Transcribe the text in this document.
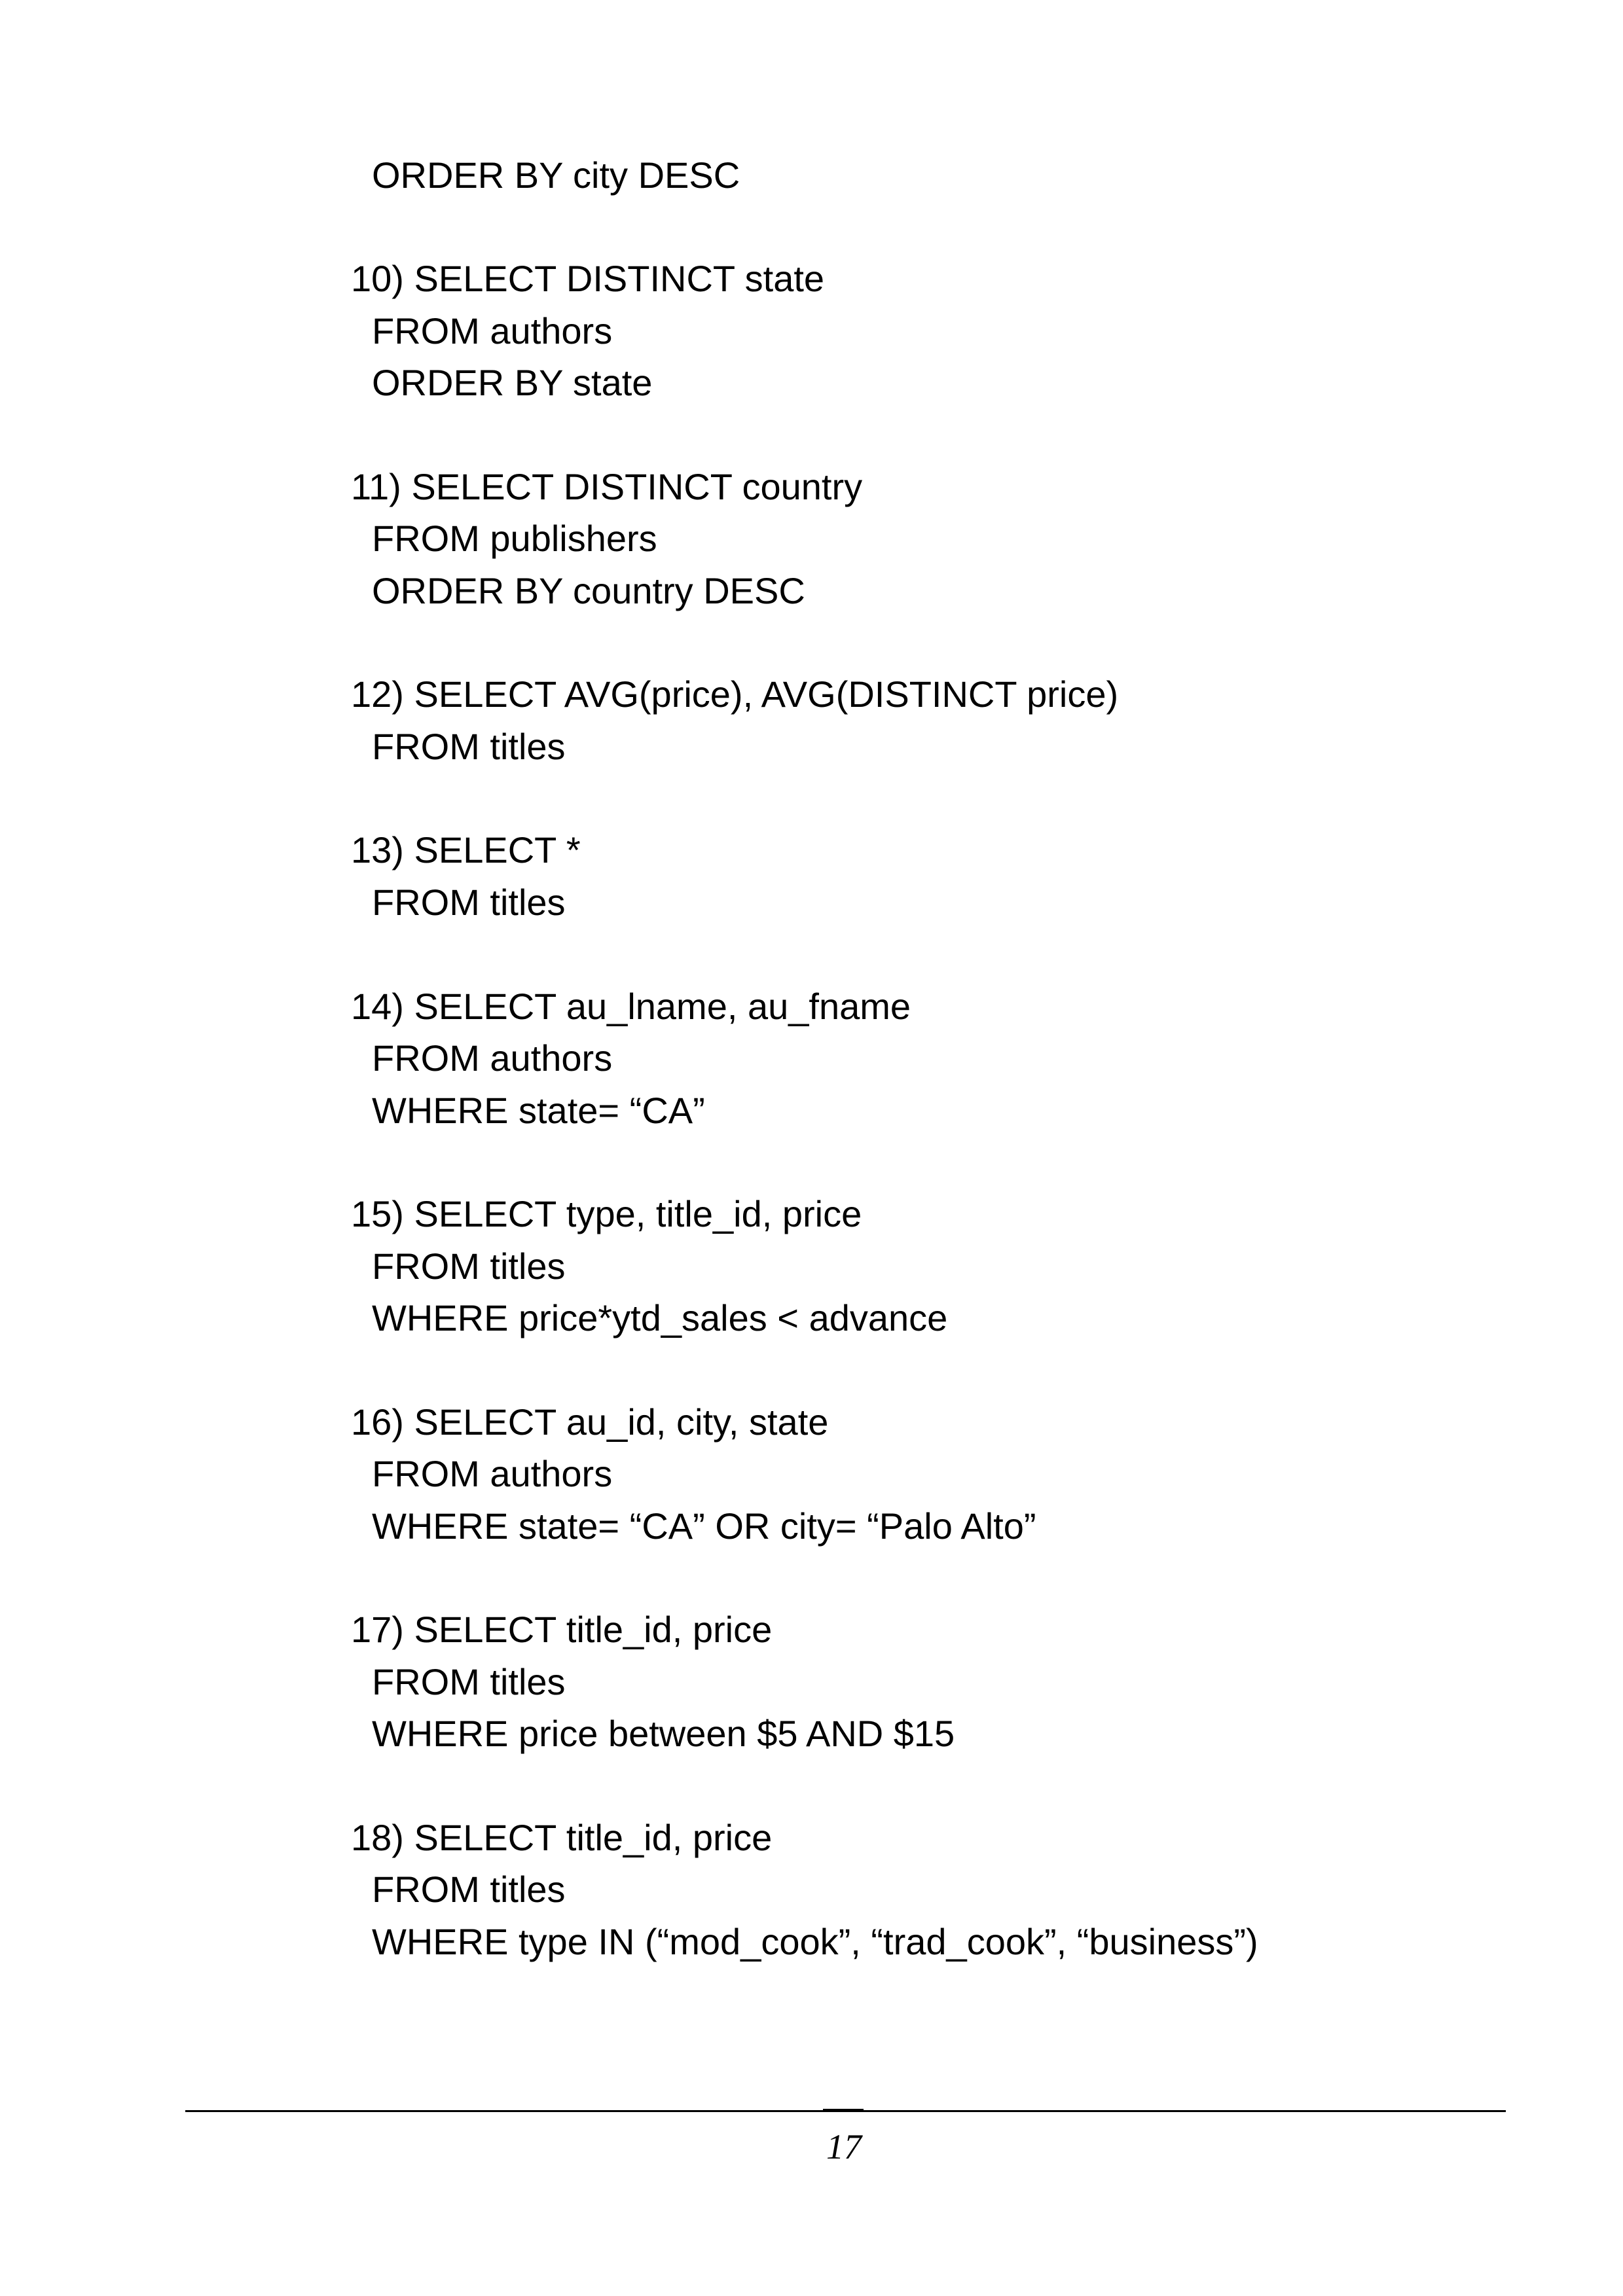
ORDER BY city DESC
10) SELECT DISTINCT state
FROM authors
ORDER BY state
11) SELECT DISTINCT country
FROM publishers
ORDER BY country DESC
12) SELECT AVG(price), AVG(DISTINCT price)
FROM titles
13) SELECT *
FROM titles
14) SELECT au_lname, au_fname
FROM authors
WHERE state= “CA”
15) SELECT type, title_id, price
FROM titles
WHERE price*ytd_sales < advance
16) SELECT au_id, city, state
FROM authors
WHERE state= “CA” OR city= “Palo Alto”
17) SELECT title_id, price
FROM titles
WHERE price between $5 AND $15
18) SELECT title_id, price
FROM titles
WHERE type IN (“mod_cook”, “trad_cook”, “business”)
17
